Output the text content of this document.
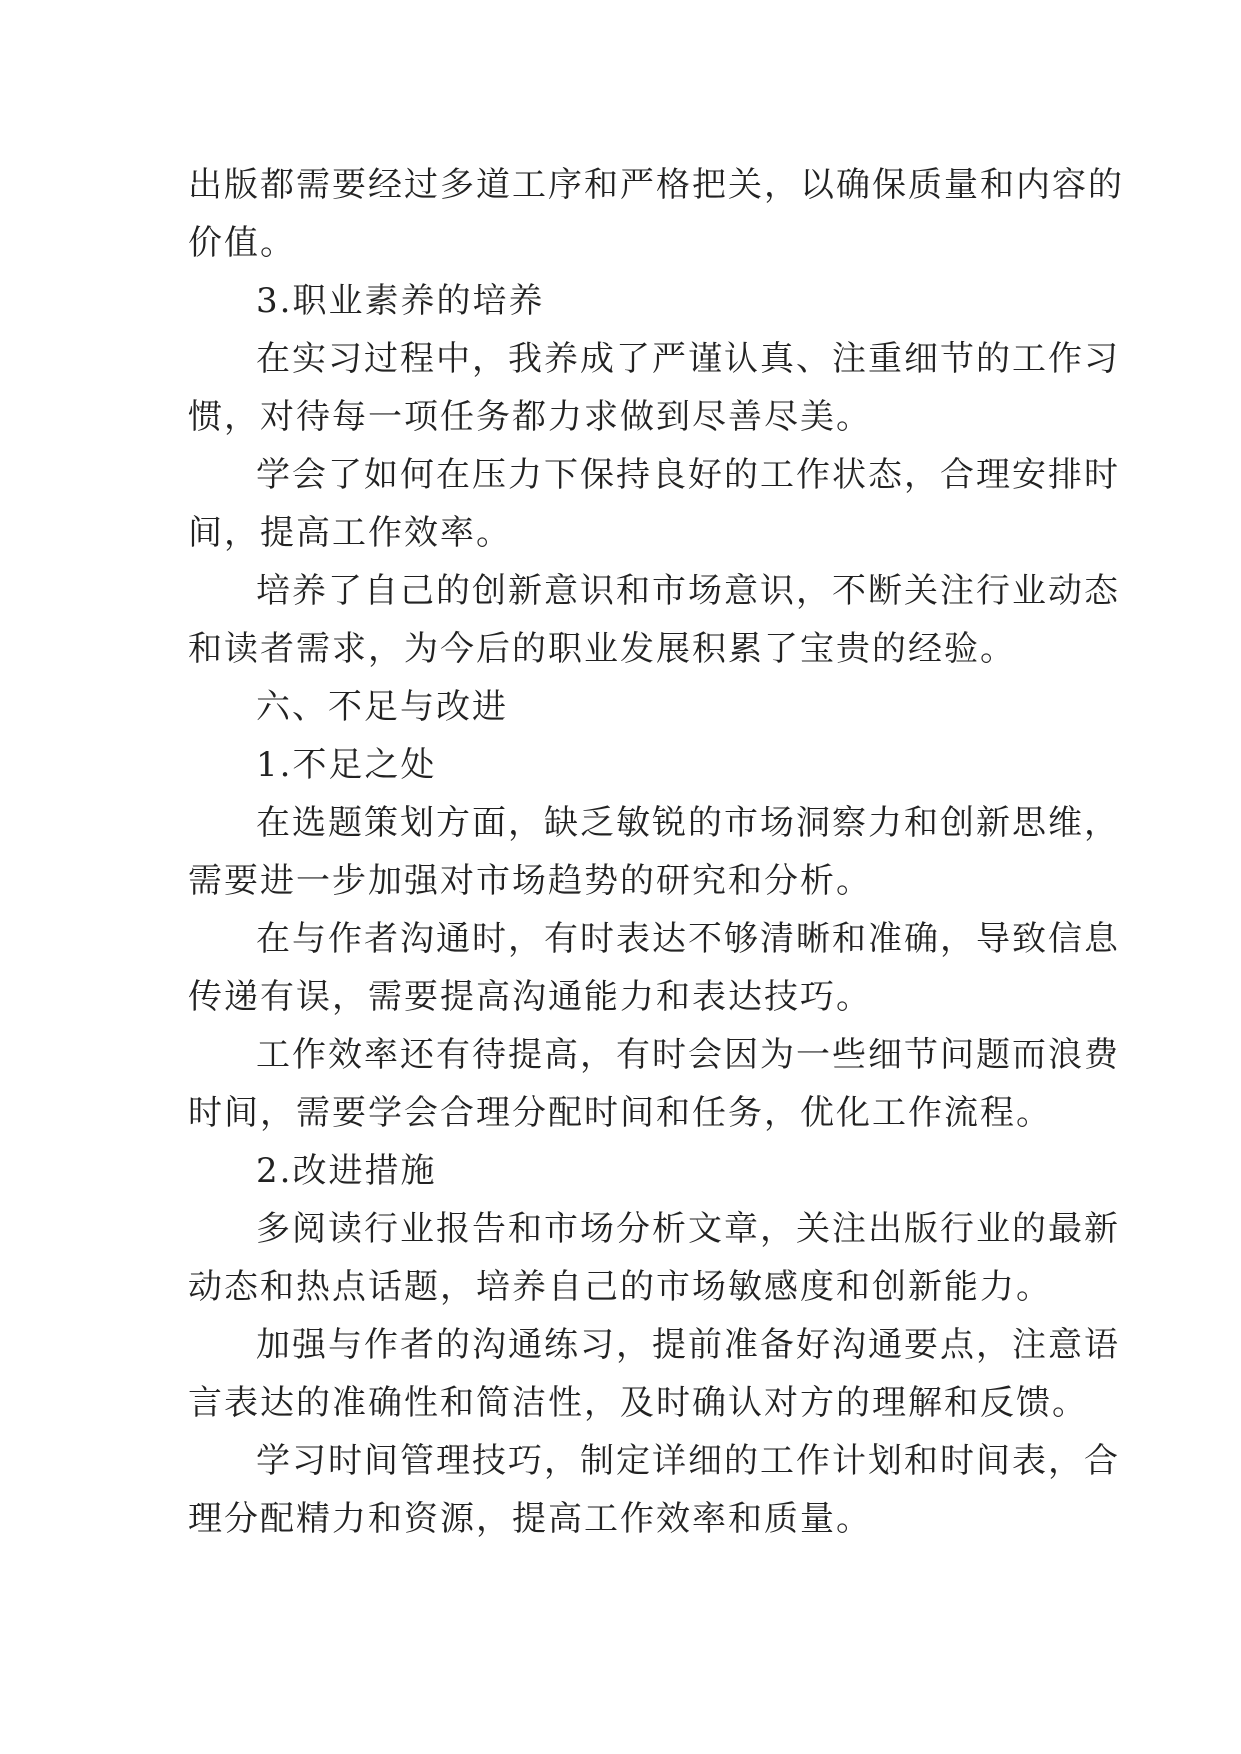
出版都需要经过多道工序和严格把关，以确保质量和内容的
价值。
3.职业素养的培养
在实习过程中，我养成了严谨认真、注重细节的工作习
惯，对待每一项任务都力求做到尽善尽美。
学会了如何在压力下保持良好的工作状态，合理安排时
间，提高工作效率。
培养了自己的创新意识和市场意识，不断关注行业动态
和读者需求，为今后的职业发展积累了宝贵的经验。
六、不足与改进
1.不足之处
在选题策划方面，缺乏敏锐的市场洞察力和创新思维，
需要进一步加强对市场趋势的研究和分析。
在与作者沟通时，有时表达不够清晰和准确，导致信息
传递有误，需要提高沟通能力和表达技巧。
工作效率还有待提高，有时会因为一些细节问题而浪费
时间，需要学会合理分配时间和任务，优化工作流程。
2.改进措施
多阅读行业报告和市场分析文章，关注出版行业的最新
动态和热点话题，培养自己的市场敏感度和创新能力。
加强与作者的沟通练习，提前准备好沟通要点，注意语
言表达的准确性和简洁性，及时确认对方的理解和反馈。
学习时间管理技巧，制定详细的工作计划和时间表，合
理分配精力和资源，提高工作效率和质量。
